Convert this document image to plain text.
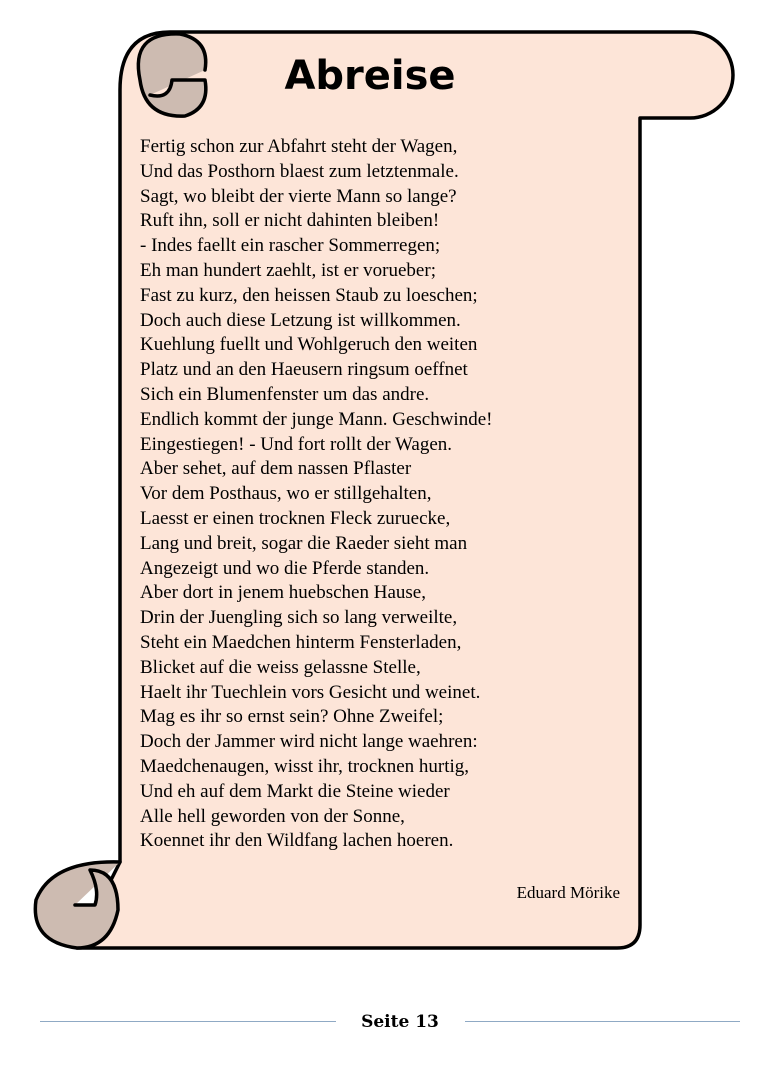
Abreise
Fertig schon zur Abfahrt steht der Wagen,
Und das Posthorn blaest zum letztenmale.
Sagt, wo bleibt der vierte Mann so lange?
Ruft ihn, soll er nicht dahinten bleiben!
- Indes faellt ein rascher Sommerregen;
Eh man hundert zaehlt, ist er vorueber;
Fast zu kurz, den heissen Staub zu loeschen;
Doch auch diese Letzung ist willkommen.
Kuehlung fuellt und Wohlgeruch den weiten
Platz und an den Haeusern ringsum oeffnet
Sich ein Blumenfenster um das andre.
Endlich kommt der junge Mann. Geschwinde!
Eingestiegen! - Und fort rollt der Wagen.
Aber sehet, auf dem nassen Pflaster
Vor dem Posthaus, wo er stillgehalten,
Laesst er einen trocknen Fleck zuruecke,
Lang und breit, sogar die Raeder sieht man
Angezeigt und wo die Pferde standen.
Aber dort in jenem huebschen Hause,
Drin der Juengling sich so lang verweilte,
Steht ein Maedchen hinterm Fensterladen,
Blicket auf die weiss gelassne Stelle,
Haelt ihr Tuechlein vors Gesicht und weinet.
Mag es ihr so ernst sein? Ohne Zweifel;
Doch der Jammer wird nicht lange waehren:
Maedchenaugen, wisst ihr, trocknen hurtig,
Und eh auf dem Markt die Steine wieder
Alle hell geworden von der Sonne,
Koennet ihr den Wildfang lachen hoeren.
Eduard Mörike
Seite 13
